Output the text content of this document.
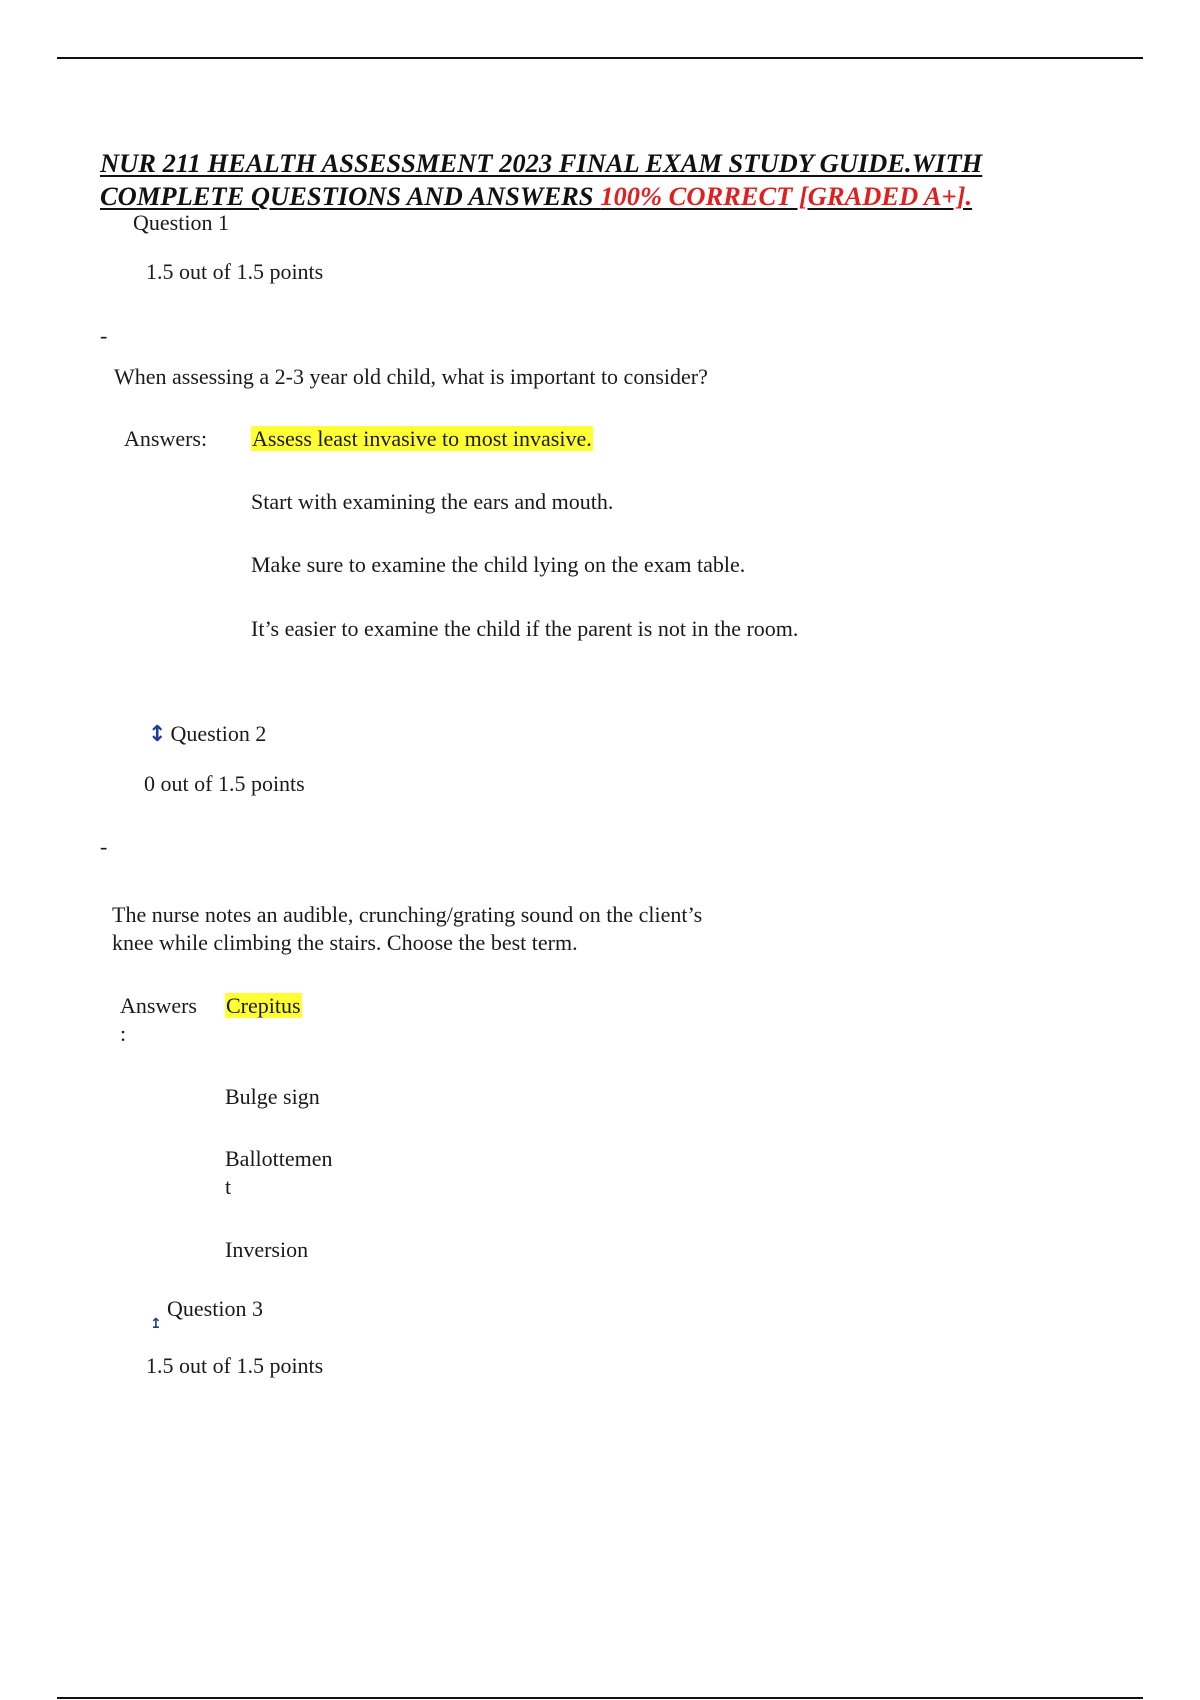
NUR 211 HEALTH ASSESSMENT 2023 FINAL EXAM STUDY GUIDE.WITH
COMPLETE QUESTIONS AND ANSWERS 100% CORRECT [GRADED A+].
Question 1
1.5 out of 1.5 points
-
When assessing a 2-3 year old child, what is important to consider?
Answers: Assess least invasive to most invasive.
Start with examining the ears and mouth.
Make sure to examine the child lying on the exam table.
It’s easier to examine the child if the parent is not in the room.
↕ Question 2
0 out of 1.5 points
-
The nurse notes an audible, crunching/grating sound on the client’s
knee while climbing the stairs. Choose the best term.
Answers
:
Crepitus
Bulge sign
Ballottemen
t
Inversion
↥
Question 3
1.5 out of 1.5 points
